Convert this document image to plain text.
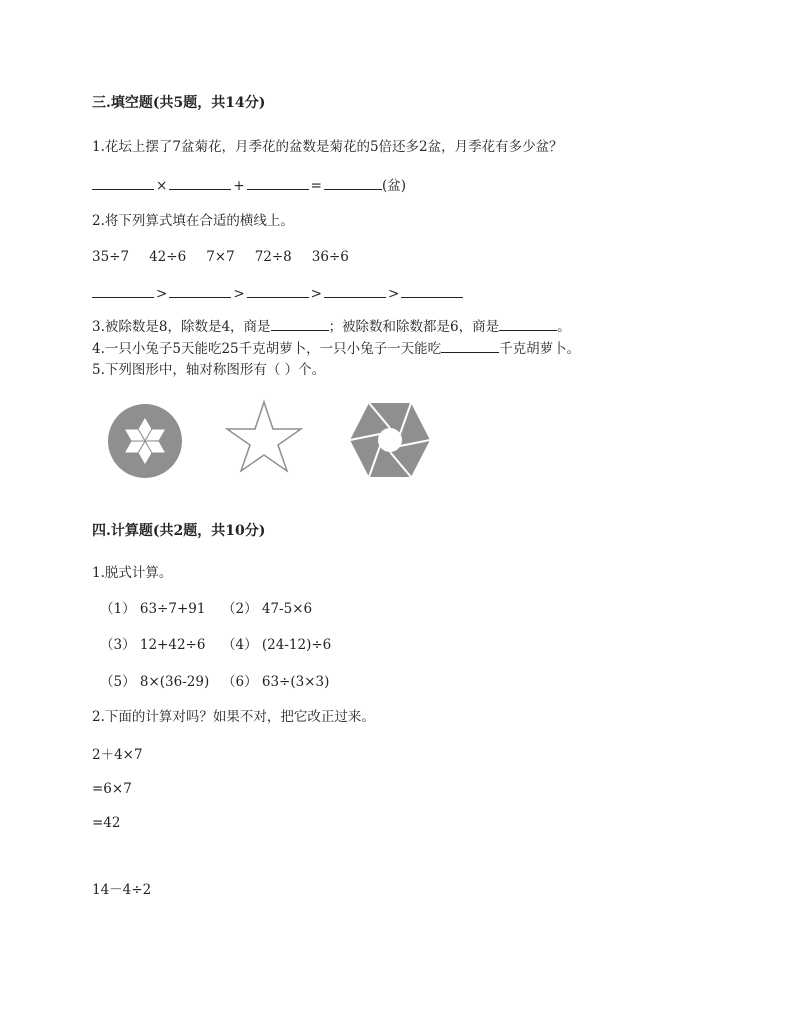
三.填空题(共5题，共14分)
1.花坛上摆了7盆菊花，月季花的盆数是菊花的5倍还多2盆，月季花有多少盆？
×	+	=	(盆)
2.将下列算式填在合适的横线上。
35÷7 42÷6 7×7 72÷8 36÷6
>	>	>	>
3.被除数是8，除数是4，商是	；被除数和除数都是6，商是	。
4.一只小兔子5天能吃25千克胡萝卜，一只小兔子一天能吃	千克胡萝卜。
5.下列图形中，轴对称图形有（ ）个。
四.计算题(共2题，共10分)
1.脱式计算。
（1） 63÷7+91 （2） 47-5×6
（3） 12+42÷6 （4） (24-12)÷6
（5） 8×(36-29) （6） 63÷(3×3)
2.下面的计算对吗？如果不对，把它改正过来。
2＋4×7
=6×7
=42
14－4÷2
